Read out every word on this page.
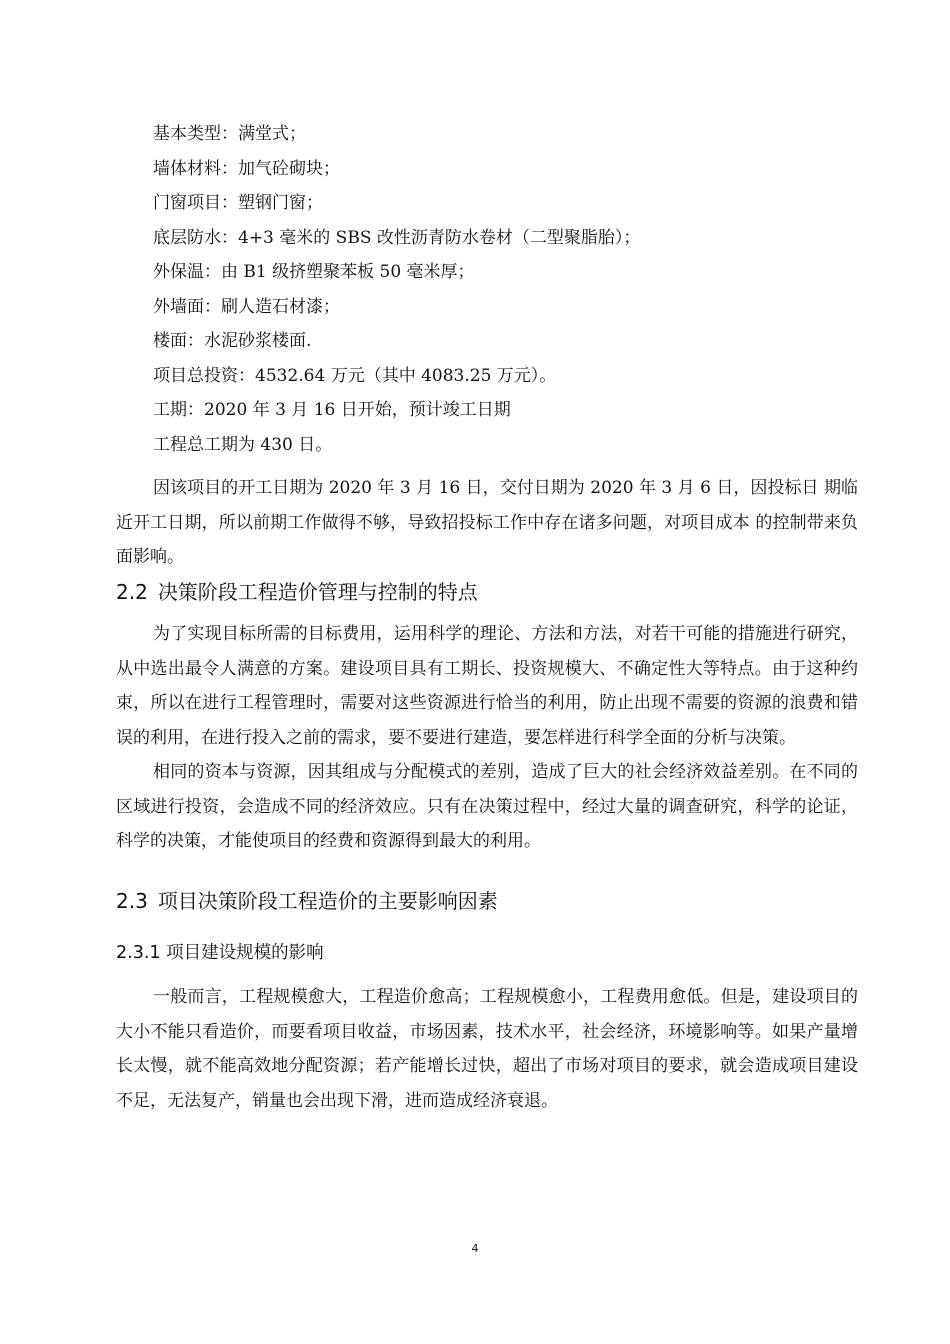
基本类型：满堂式；
墙体材料：加气砼砌块；
门窗项目：塑钢门窗；
底层防水：4+3 毫米的 SBS 改性沥青防水卷材（二型聚脂胎）；
外保温：由 B1 级挤塑聚苯板 50 毫米厚；
外墙面：刷人造石材漆；
楼面：水泥砂浆楼面.
项目总投资：4532.64 万元（其中 4083.25 万元）。
工期：2020 年 3 月 16 日开始，预计竣工日期
工程总工期为 430 日。

因该项目的开工日期为 2020 年 3 月 16 日，交付日期为 2020 年 3 月 6 日，因投标日 期临近开工日期，所以前期工作做得不够，导致招投标工作中存在诸多问题，对项目成本 的控制带来负面影响。

2.2 决策阶段工程造价管理与控制的特点

为了实现目标所需的目标费用，运用科学的理论、方法和方法，对若干可能的措施进行研究，从中选出最令人满意的方案。建设项目具有工期长、投资规模大、不确定性大等特点。由于这种约束，所以在进行工程管理时，需要对这些资源进行恰当的利用，防止出现不需要的资源的浪费和错误的利用，在进行投入之前的需求，要不要进行建造，要怎样进行科学全面的分析与决策。

相同的资本与资源，因其组成与分配模式的差别，造成了巨大的社会经济效益差别。在不同的区域进行投资，会造成不同的经济效应。只有在决策过程中，经过大量的调查研究，科学的论证，科学的决策，才能使项目的经费和资源得到最大的利用。

2.3 项目决策阶段工程造价的主要影响因素
2.3.1 项目建设规模的影响

一般而言，工程规模愈大，工程造价愈高；工程规模愈小，工程费用愈低。但是，建设项目的大小不能只看造价，而要看项目收益，市场因素，技术水平，社会经济，环境影响等。如果产量增长太慢，就不能高效地分配资源；若产能增长过快，超出了市场对项目的要求，就会造成项目建设不足，无法复产，销量也会出现下滑，进而造成经济衰退。

4
